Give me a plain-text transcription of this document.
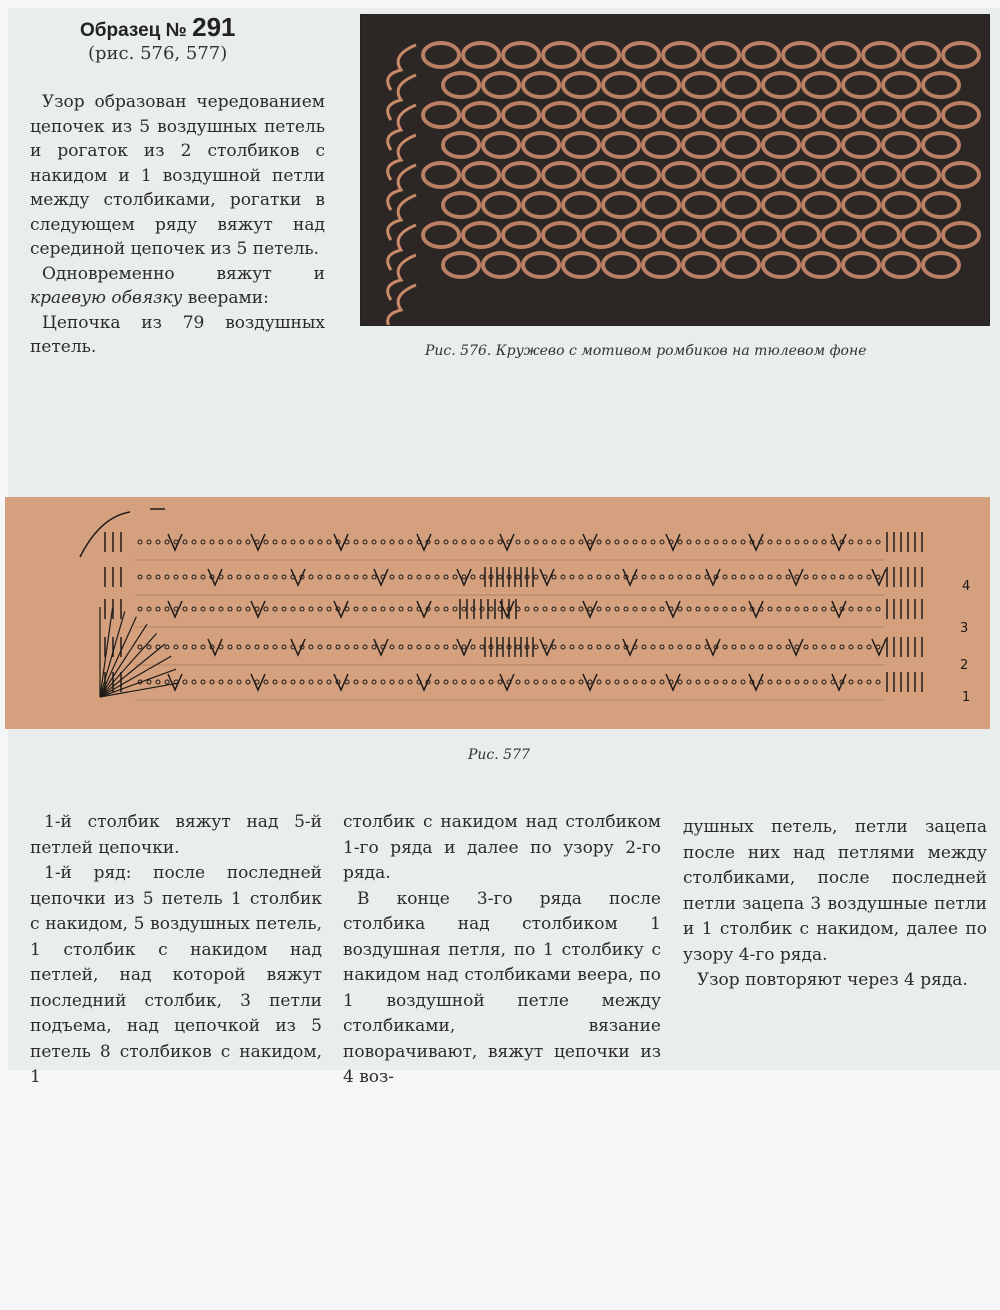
Образец № 291
(рис. 576, 577)

Узор образован чередованием цепочек из 5 воздушных петель и рогаток из 2 столбиков с накидом и 1 воздушной петли между столбиками, рогатки в следующем ряду вяжут над серединой цепочек из 5 петель.

Одновременно вяжут и краевую обвязку веерами:

Цепочка из 79 воздушных петель.	Рис. 576. Кружево с мотивом ромбиков на тюлевом фоне
4
3
2
1
Рис. 577

1-й столбик вяжут над 5-й петлей цепочки.

1-й ряд: после последней цепочки из 5 петель 1 столбик с накидом, 5 воздушных петель, 1 столбик с накидом над петлей, над которой вяжут последний столбик, 3 петли подъема, над цепочкой из 5 петель 8 столбиков с накидом, 1

столбик с накидом над столбиком 1-го ряда и далее по узору 2-го ряда.

В конце 3-го ряда после столбика над столбиком 1 воздушная петля, по 1 столбику с накидом над столбиками веера, по 1 воздушной петле между столбиками, вязание поворачивают, вяжут цепочки из 4 воз-

душных петель, петли зацепа после них над петлями между столбиками, после последней петли зацепа 3 воздушные петли и 1 столбик с накидом, далее по узору 4-го ряда.

Узор повторяют через 4 ряда.
